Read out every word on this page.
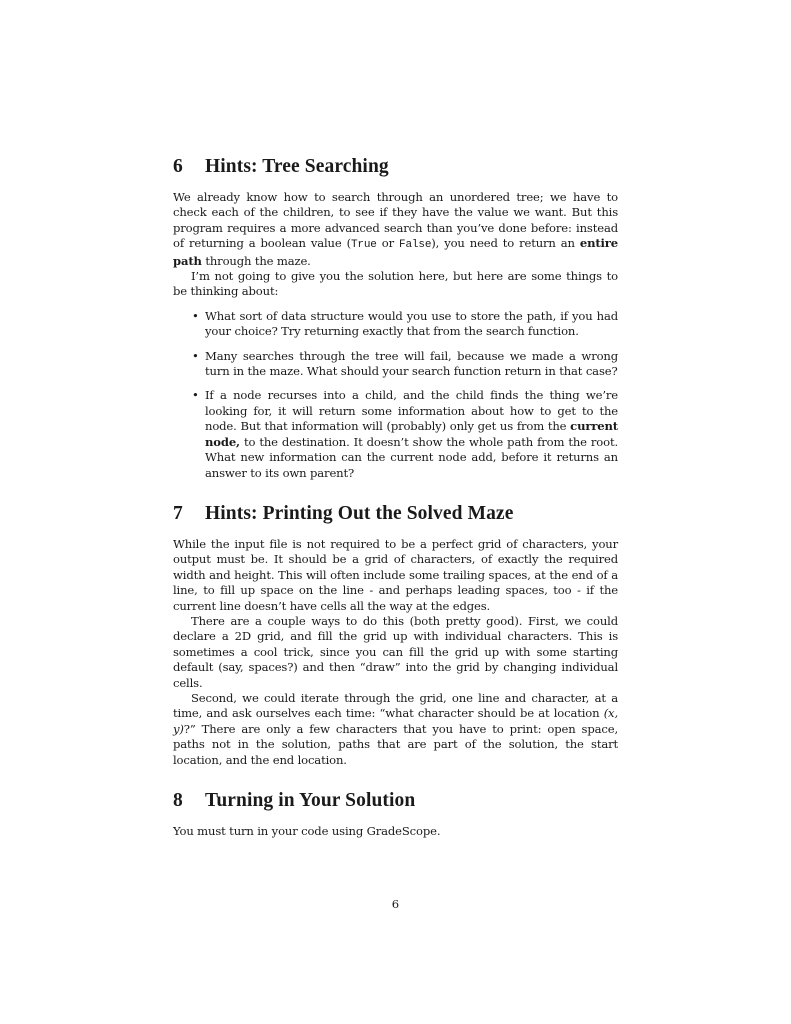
6 Hints: Tree Searching

We already know how to search through an unordered tree; we have to check each of the children, to see if they have the value we want. But this program requires a more advanced search than you’ve done before: instead of returning a boolean value (True or False), you need to return an entire path through the maze.

I’m not going to give you the solution here, but here are some things to be thinking about:

• What sort of data structure would you use to store the path, if you had your choice? Try returning exactly that from the search function.
• Many searches through the tree will fail, because we made a wrong turn in the maze. What should your search function return in that case?
• If a node recurses into a child, and the child finds the thing we’re looking for, it will return some information about how to get to the node. But that information will (probably) only get us from the current node, to the destination. It doesn’t show the whole path from the root. What new information can the current node add, before it returns an answer to its own parent?
7 Hints: Printing Out the Solved Maze

While the input file is not required to be a perfect grid of characters, your output must be. It should be a grid of characters, of exactly the required width and height. This will often include some trailing spaces, at the end of a line, to fill up space on the line - and perhaps leading spaces, too - if the current line doesn’t have cells all the way at the edges.

There are a couple ways to do this (both pretty good). First, we could declare a 2D grid, and fill the grid up with individual characters. This is sometimes a cool trick, since you can fill the grid up with some starting default (say, spaces?) and then “draw” into the grid by changing individual cells.

Second, we could iterate through the grid, one line and character, at a time, and ask ourselves each time: “what character should be at location (x, y)?” There are only a few characters that you have to print: open space, paths not in the solution, paths that are part of the solution, the start location, and the end location.

8 Turning in Your Solution

You must turn in your code using GradeScope.

6
